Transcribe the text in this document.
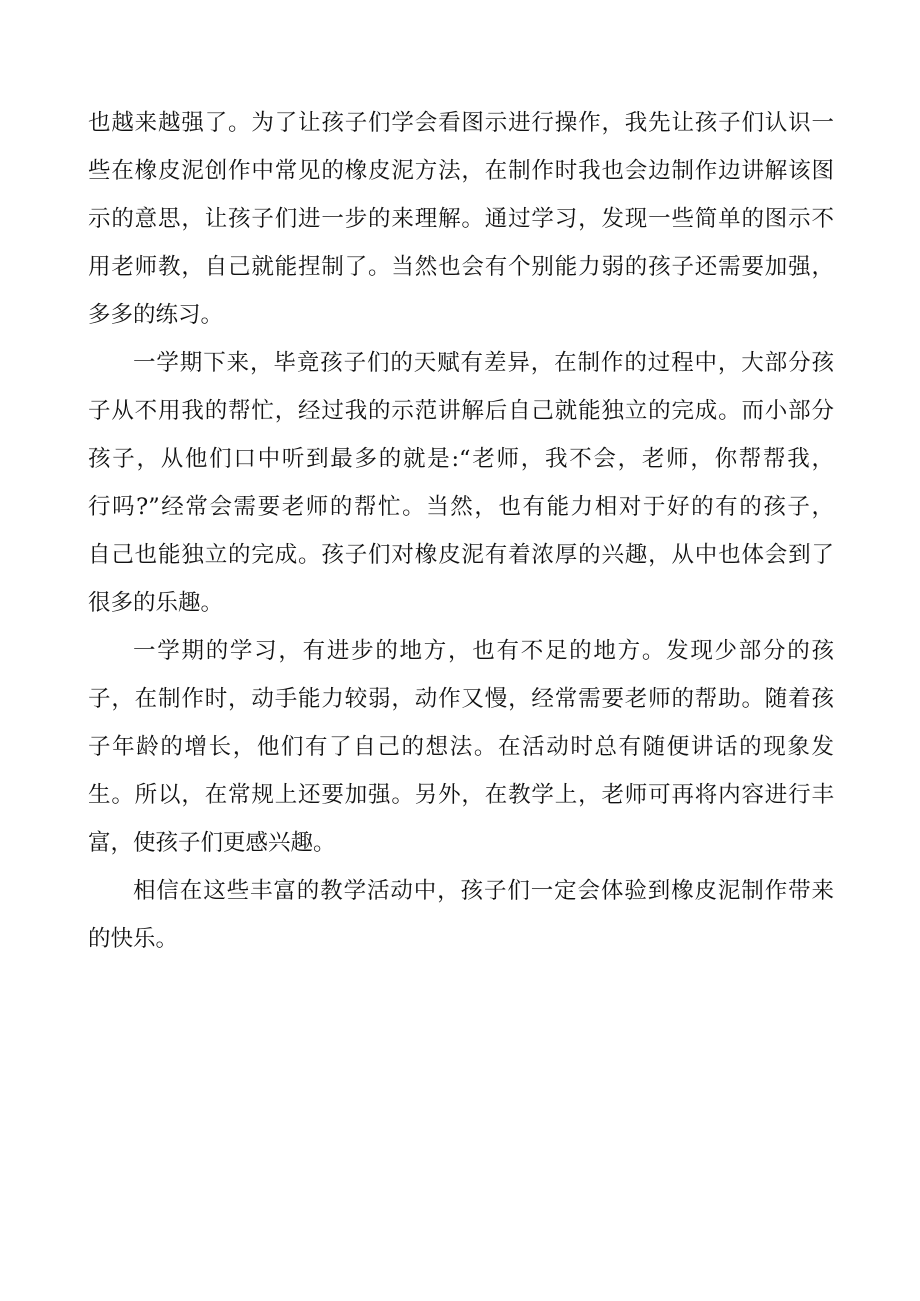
也越来越强了。为了让孩子们学会看图示进行操作，我先让孩子们认识一
些在橡皮泥创作中常见的橡皮泥方法，在制作时我也会边制作边讲解该图
示的意思，让孩子们进一步的来理解。通过学习，发现一些简单的图示不
用老师教，自己就能捏制了。当然也会有个别能力弱的孩子还需要加强，
多多的练习。
一学期下来，毕竟孩子们的天赋有差异，在制作的过程中，大部分孩
子从不用我的帮忙，经过我的示范讲解后自己就能独立的完成。而小部分
孩子，从他们口中听到最多的就是:“老师，我不会，老师，你帮帮我，
行吗?”经常会需要老师的帮忙。当然，也有能力相对于好的有的孩子，
自己也能独立的完成。孩子们对橡皮泥有着浓厚的兴趣，从中也体会到了
很多的乐趣。
一学期的学习，有进步的地方，也有不足的地方。发现少部分的孩
子，在制作时，动手能力较弱，动作又慢，经常需要老师的帮助。随着孩
子年龄的增长，他们有了自己的想法。在活动时总有随便讲话的现象发
生。所以，在常规上还要加强。另外，在教学上，老师可再将内容进行丰
富，使孩子们更感兴趣。
相信在这些丰富的教学活动中，孩子们一定会体验到橡皮泥制作带来
的快乐。
